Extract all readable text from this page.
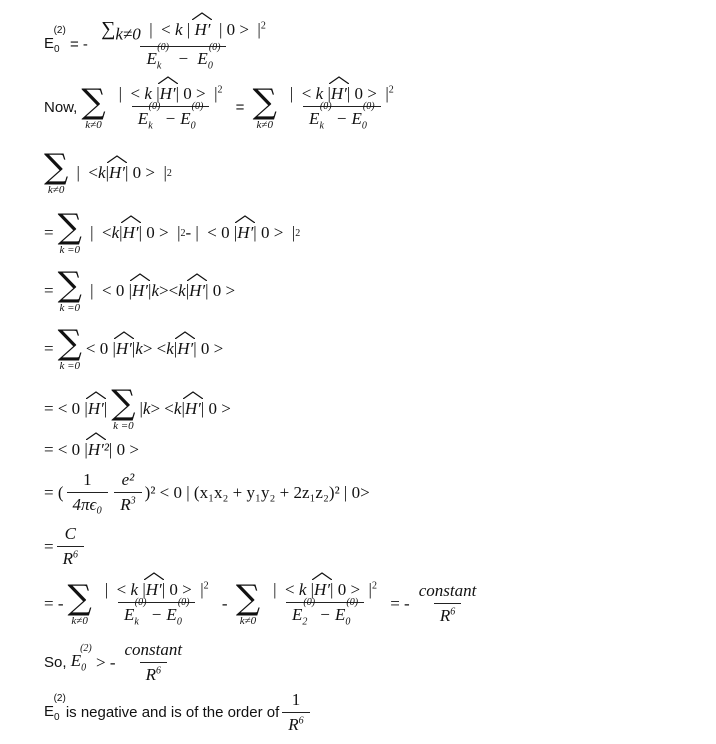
$E_0^{(2)}$
= - $\sum_{k\ne 0}$  |  < k | H′
| $0 > |^2$
$E_k^{(0)} - E_0^{(0)}$
Now, ∑
k≠0 |  < k |H′
| $0 > |^2$
$E_k^{(0)} - E_0^{(0)}$ = ∑
k≠0 |  < k |H′
| $0 > |^2$
$E_k^{(0)} - E_0^{(0)}$
∑
k≠0
|  < k | H′ | 0 >  | 2
= ∑
k =0
|  < k | H′ | 0 >  | 2 - |  < 0 | H′ | 0 >  | 2
= ∑
k =0
|  < 0 | H′ | k >< k | H′ | 0 >
= ∑
k =0
< 0 | H′ | k > < k | H′ | 0 >
= < 0 | H′ | ∑
k =0
| k > < k | H′ | 0 >
= < 0 | H′² | 0 >
= ( $\frac{1}{\text{4πϵ₀}} \frac{\text{e²}}{R^3} )^2 < 0$ | (x₁x₂ + y₁y₂ + 2z₁z₂)² | 0>
= $\frac{C}{R^6}$
= - ∑
k≠0 |  < k |H′
| $0 > |^2$
$E_k^{(0)} - E_0^{(0)}$ - ∑
k≠0 |  < k |H′
| $0 > |^2$
$E_2^{(0)} - E_0^{(0)}$ = - $\frac{\text{constant}}{R^6}$
So,
$E_0^{(2)}$
> - $\frac{\text{constant}}{R^6}$
$E_0^{(2)}$
is negative and is of the order of $\frac{1}{R^6}$
